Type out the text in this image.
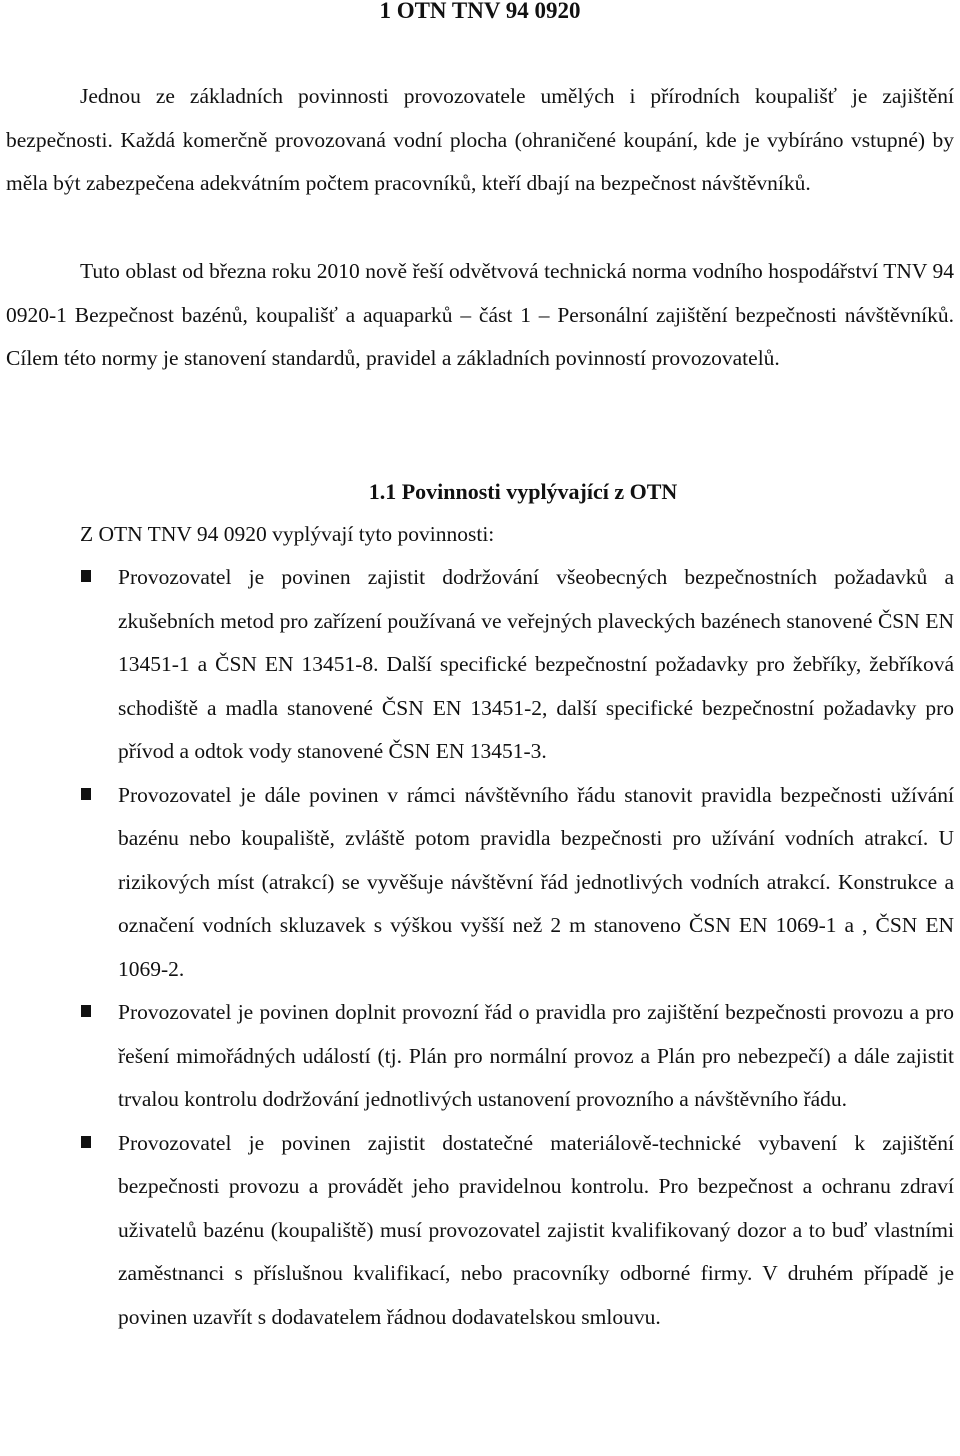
1 OTN TNV 94 0920

Jednou ze základních povinnosti provozovatele umělých i přírodních koupališť je zajištění bezpečnosti. Každá komerčně provozovaná vodní plocha (ohraničené koupání, kde je vybíráno vstupné) by měla být zabezpečena adekvátním počtem pracovníků, kteří dbají na bezpečnost návštěvníků.

Tuto oblast od března roku 2010 nově řeší odvětvová technická norma vodního hospodářství TNV 94 0920-1 Bezpečnost bazénů, koupališť a aquaparků – část 1 – Personální zajištění bezpečnosti návštěvníků. Cílem této normy je stanovení standardů, pravidel a základních povinností provozovatelů.

1.1 Povinnosti vyplývající z OTN
Z OTN TNV 94 0920 vyplývají tyto povinnosti:
Provozovatel je povinen zajistit dodržování všeobecných bezpečnostních požadavků a zkušebních metod pro zařízení používaná ve veřejných plaveckých bazénech stanovené ČSN EN 13451-1 a ČSN EN 13451-8. Další specifické bezpečnostní požadavky pro žebříky, žebříková schodiště a madla stanovené ČSN EN 13451-2, další specifické bezpečnostní požadavky pro přívod a odtok vody stanovené ČSN EN 13451-3.
Provozovatel je dále povinen v rámci návštěvního řádu stanovit pravidla bezpečnosti užívání bazénu nebo koupaliště, zvláště potom pravidla bezpečnosti pro užívání vodních atrakcí. U rizikových míst (atrakcí) se vyvěšuje návštěvní řád jednotlivých vodních atrakcí. Konstrukce a označení vodních skluzavek s výškou vyšší než 2 m stanoveno ČSN EN 1069-1 a , ČSN EN 1069-2.
Provozovatel je povinen doplnit provozní řád o pravidla pro zajištění bezpečnosti provozu a pro řešení mimořádných událostí (tj. Plán pro normální provoz a Plán pro nebezpečí) a dále zajistit trvalou kontrolu dodržování jednotlivých ustanovení provozního a návštěvního řádu.
Provozovatel je povinen zajistit dostatečné materiálově-technické vybavení k zajištění bezpečnosti provozu a provádět jeho pravidelnou kontrolu. Pro bezpečnost a ochranu zdraví uživatelů bazénu (koupaliště) musí provozovatel zajistit kvalifikovaný dozor a to buď vlastními zaměstnanci s příslušnou kvalifikací, nebo pracovníky odborné firmy. V druhém případě je povinen uzavřít s dodavatelem řádnou dodavatelskou smlouvu.
